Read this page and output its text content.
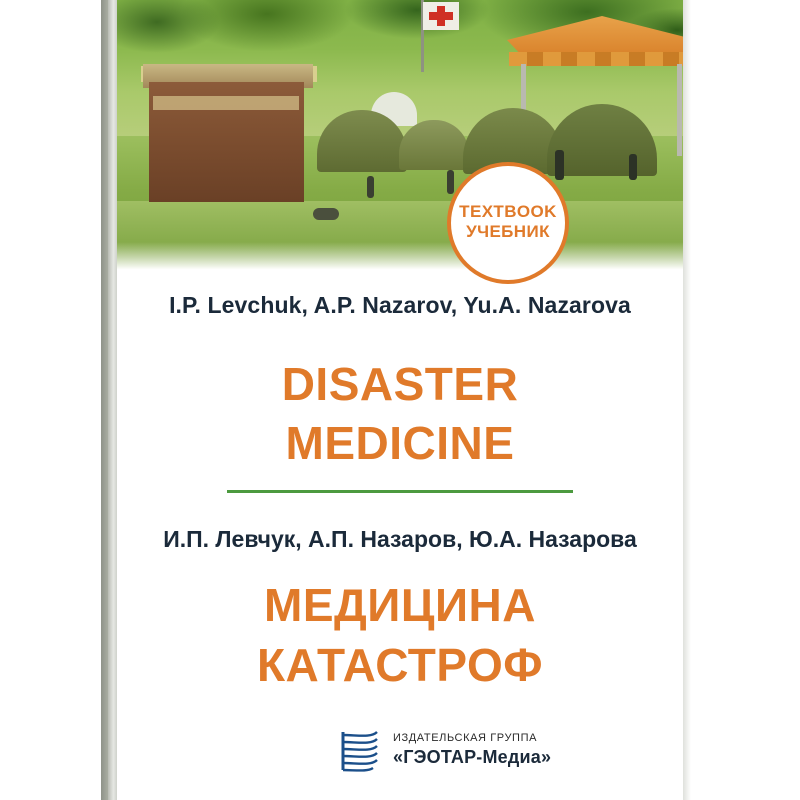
TEXTBOOK
УЧЕБНИК
I.P. Levchuk, A.P. Nazarov, Yu.A. Nazarova
DISASTER
MEDICINE
И.П. Левчук, А.П. Назаров, Ю.А. Назарова
МЕДИЦИНА
КАТАСТРОФ
ИЗДАТЕЛЬСКАЯ ГРУППА
«ГЭОТАР-Медиа»
